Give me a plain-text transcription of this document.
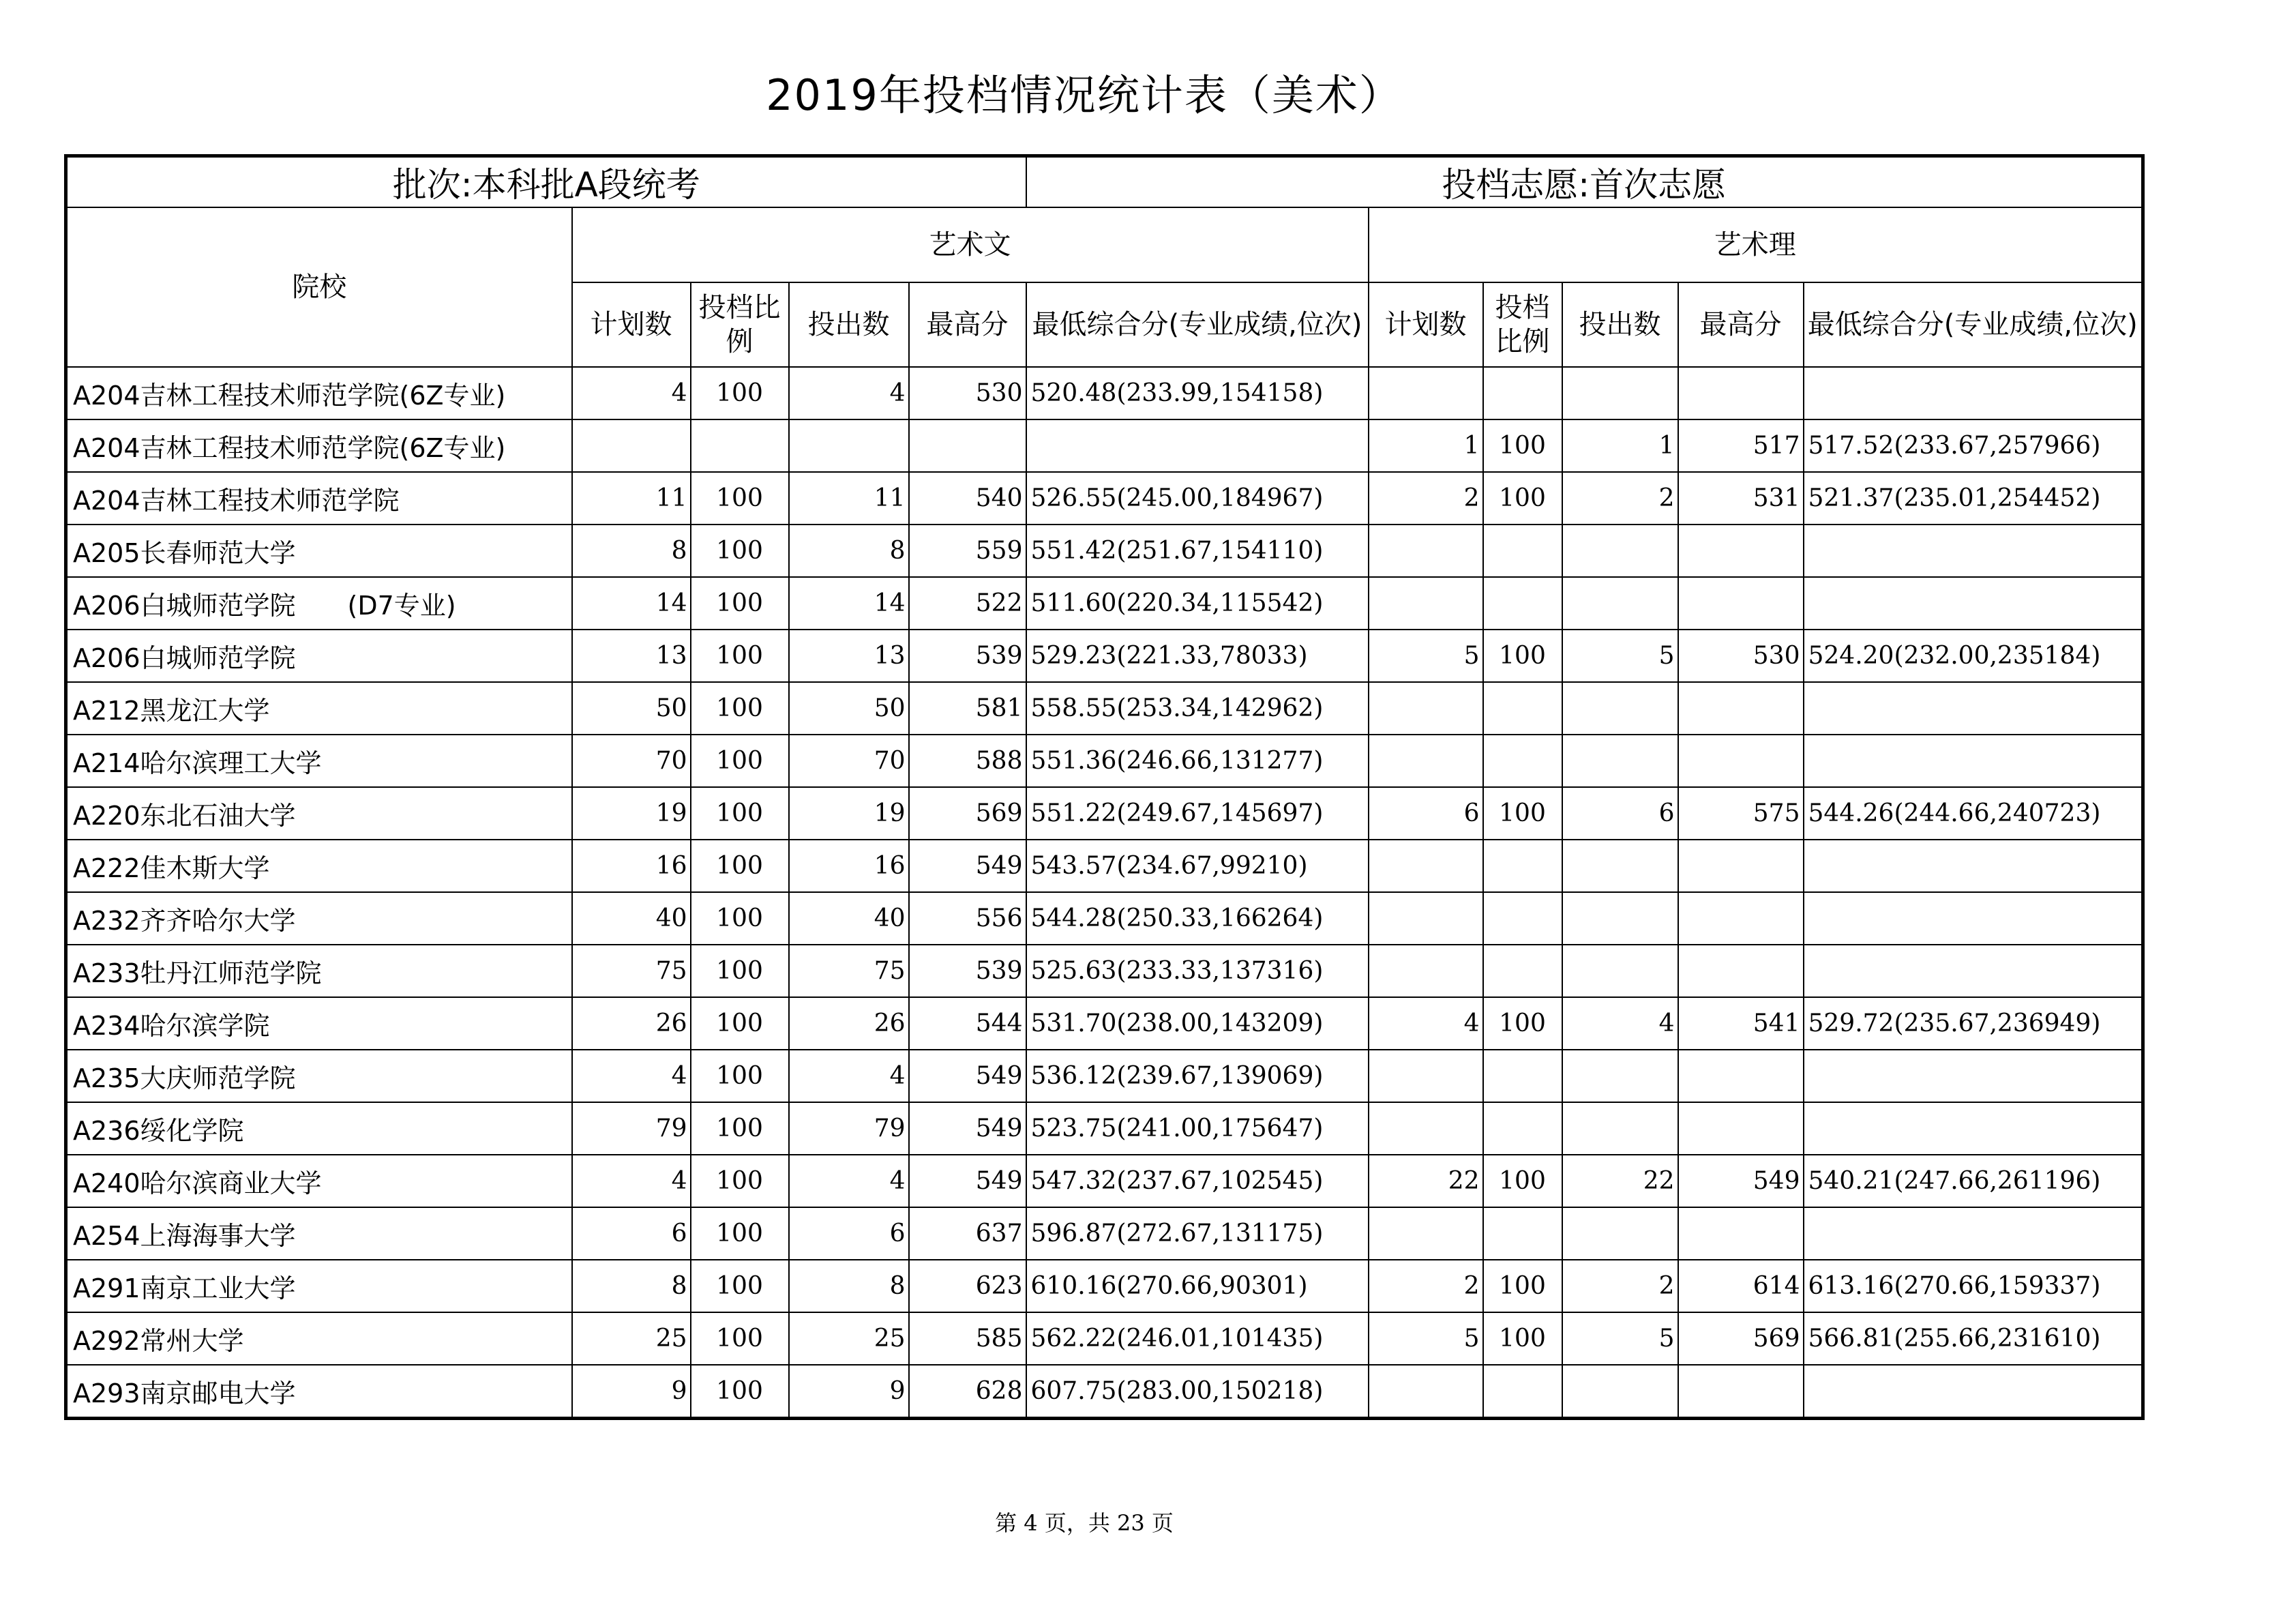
2019年投档情况统计表（美术）
批次:本科批A段统考					投档志愿:首次志愿					
院校	艺术文					艺术理				
	计划数	投档比例	投出数	最高分	最低综合分(专业成绩,位次)	计划数	投档比例	投出数	最高分	最低综合分(专业成绩,位次)
A204吉林工程技术师范学院(6Z专业)	4	100	4	530	520.48(233.99,154158)					
A204吉林工程技术师范学院(6Z专业)						1	100	1	517	517.52(233.67,257966)
A204吉林工程技术师范学院	11	100	11	540	526.55(245.00,184967)	2	100	2	531	521.37(235.01,254452)
A205长春师范大学	8	100	8	559	551.42(251.67,154110)					
A206白城师范学院　　(D7专业)	14	100	14	522	511.60(220.34,115542)					
A206白城师范学院	13	100	13	539	529.23(221.33,78033)	5	100	5	530	524.20(232.00,235184)
A212黑龙江大学	50	100	50	581	558.55(253.34,142962)					
A214哈尔滨理工大学	70	100	70	588	551.36(246.66,131277)					
A220东北石油大学	19	100	19	569	551.22(249.67,145697)	6	100	6	575	544.26(244.66,240723)
A222佳木斯大学	16	100	16	549	543.57(234.67,99210)					
A232齐齐哈尔大学	40	100	40	556	544.28(250.33,166264)					
A233牡丹江师范学院	75	100	75	539	525.63(233.33,137316)					
A234哈尔滨学院	26	100	26	544	531.70(238.00,143209)	4	100	4	541	529.72(235.67,236949)
A235大庆师范学院	4	100	4	549	536.12(239.67,139069)					
A236绥化学院	79	100	79	549	523.75(241.00,175647)					
A240哈尔滨商业大学	4	100	4	549	547.32(237.67,102545)	22	100	22	549	540.21(247.66,261196)
A254上海海事大学	6	100	6	637	596.87(272.67,131175)					
A291南京工业大学	8	100	8	623	610.16(270.66,90301)	2	100	2	614	613.16(270.66,159337)
A292常州大学	25	100	25	585	562.22(246.01,101435)	5	100	5	569	566.81(255.66,231610)
A293南京邮电大学	9	100	9	628	607.75(283.00,150218)					
第 4 页，共 23 页
